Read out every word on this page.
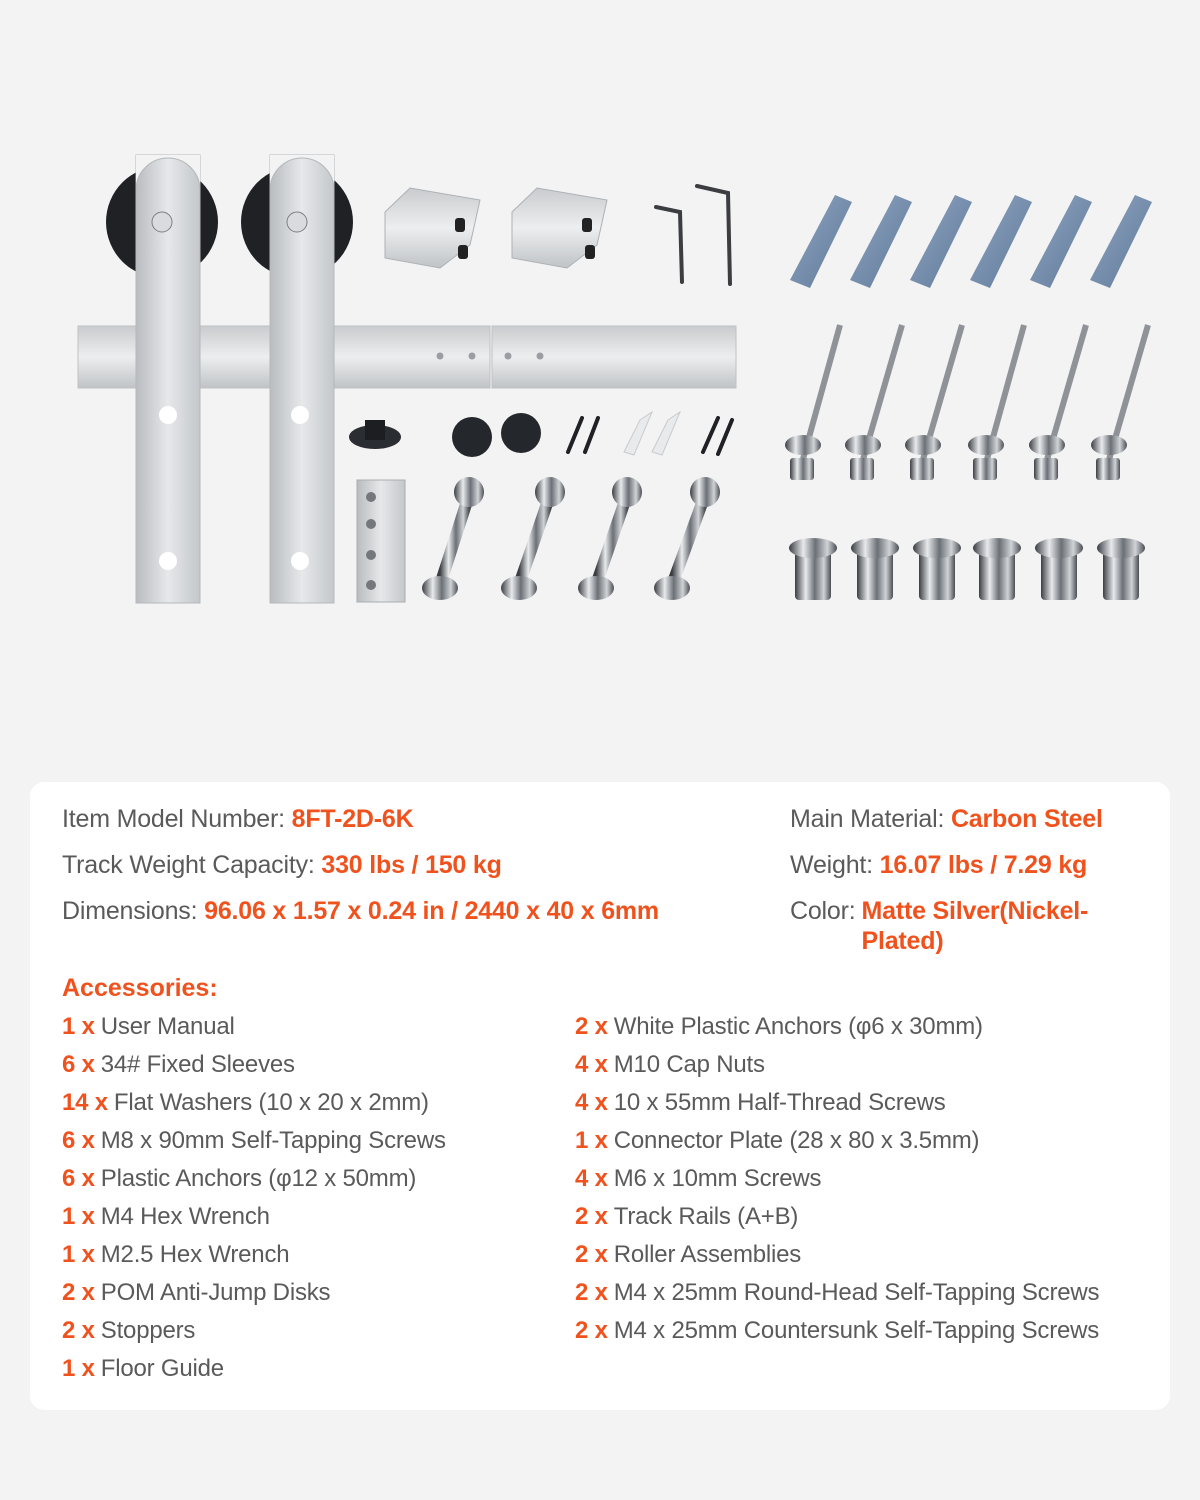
Item Model Number: 8FT-2D-6K
Track Weight Capacity: 330 lbs / 150 kg
Dimensions: 96.06 x 1.57 x 0.24 in / 2440 x 40 x 6mm
Main Material: Carbon Steel
Weight: 16.07 lbs / 7.29 kg
Color: Matte Silver(Nickel-Plated)
Accessories:
1 x User Manual
6 x 34# Fixed Sleeves
14 x Flat Washers (10 x 20 x 2mm)
6 x M8 x 90mm Self-Tapping Screws
6 x Plastic Anchors (φ12 x 50mm)
1 x M4 Hex Wrench
1 x M2.5 Hex Wrench
2 x POM Anti-Jump Disks
2 x Stoppers
1 x Floor Guide
2 x White Plastic Anchors (φ6 x 30mm)
4 x M10 Cap Nuts
4 x 10 x 55mm Half-Thread Screws
1 x Connector Plate (28 x 80 x 3.5mm)
4 x M6 x 10mm Screws
2 x Track Rails (A+B)
2 x Roller Assemblies
2 x M4 x 25mm Round-Head Self-Tapping Screws
2 x M4 x 25mm Countersunk Self-Tapping Screws
